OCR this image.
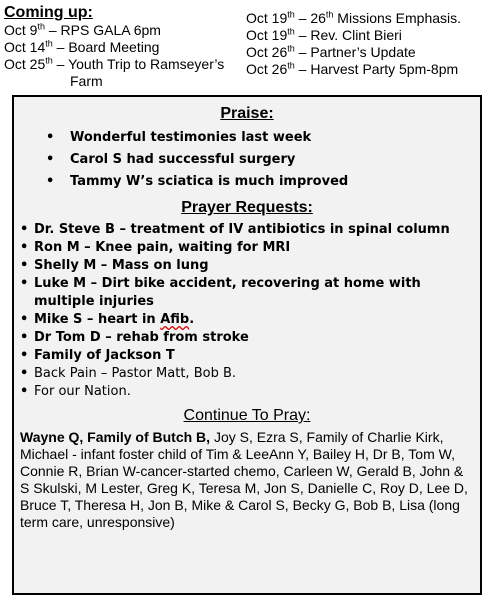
Coming up:
Oct 9th – RPS GALA 6pm
Oct 14th – Board Meeting
Oct 25th – Youth Trip to Ramseyer’s
Farm
Oct 19th – 26th Missions Emphasis.
Oct 19th – Rev. Clint Bieri
Oct 26th – Partner’s Update
Oct 26th – Harvest Party 5pm-8pm
Praise:
• Wonderful testimonies last week
• Carol S had successful surgery
• Tammy W’s sciatica is much improved
Prayer Requests:
• Dr. Steve B – treatment of IV antibiotics in spinal column
• Ron M – Knee pain, waiting for MRI
• Shelly M – Mass on lung
• Luke M – Dirt bike accident, recovering at home with multiple injuries
• Mike S – heart in Afib.
• Dr Tom D – rehab from stroke
• Family of Jackson T
• Back Pain – Pastor Matt, Bob B.
• For our Nation.
Continue To Pray:
Wayne Q, Family of Butch B, Joy S, Ezra S, Family of Charlie Kirk, Michael - infant foster child of Tim & LeeAnn Y, Bailey H, Dr B, Tom W, Connie R, Brian W-cancer-started chemo, Carleen W, Gerald B, John & S Skulski, M Lester, Greg K, Teresa M, Jon S, Danielle C, Roy D, Lee D, Bruce T, Theresa H, Jon B, Mike & Carol S, Becky G, Bob B, Lisa (long term care, unresponsive)
